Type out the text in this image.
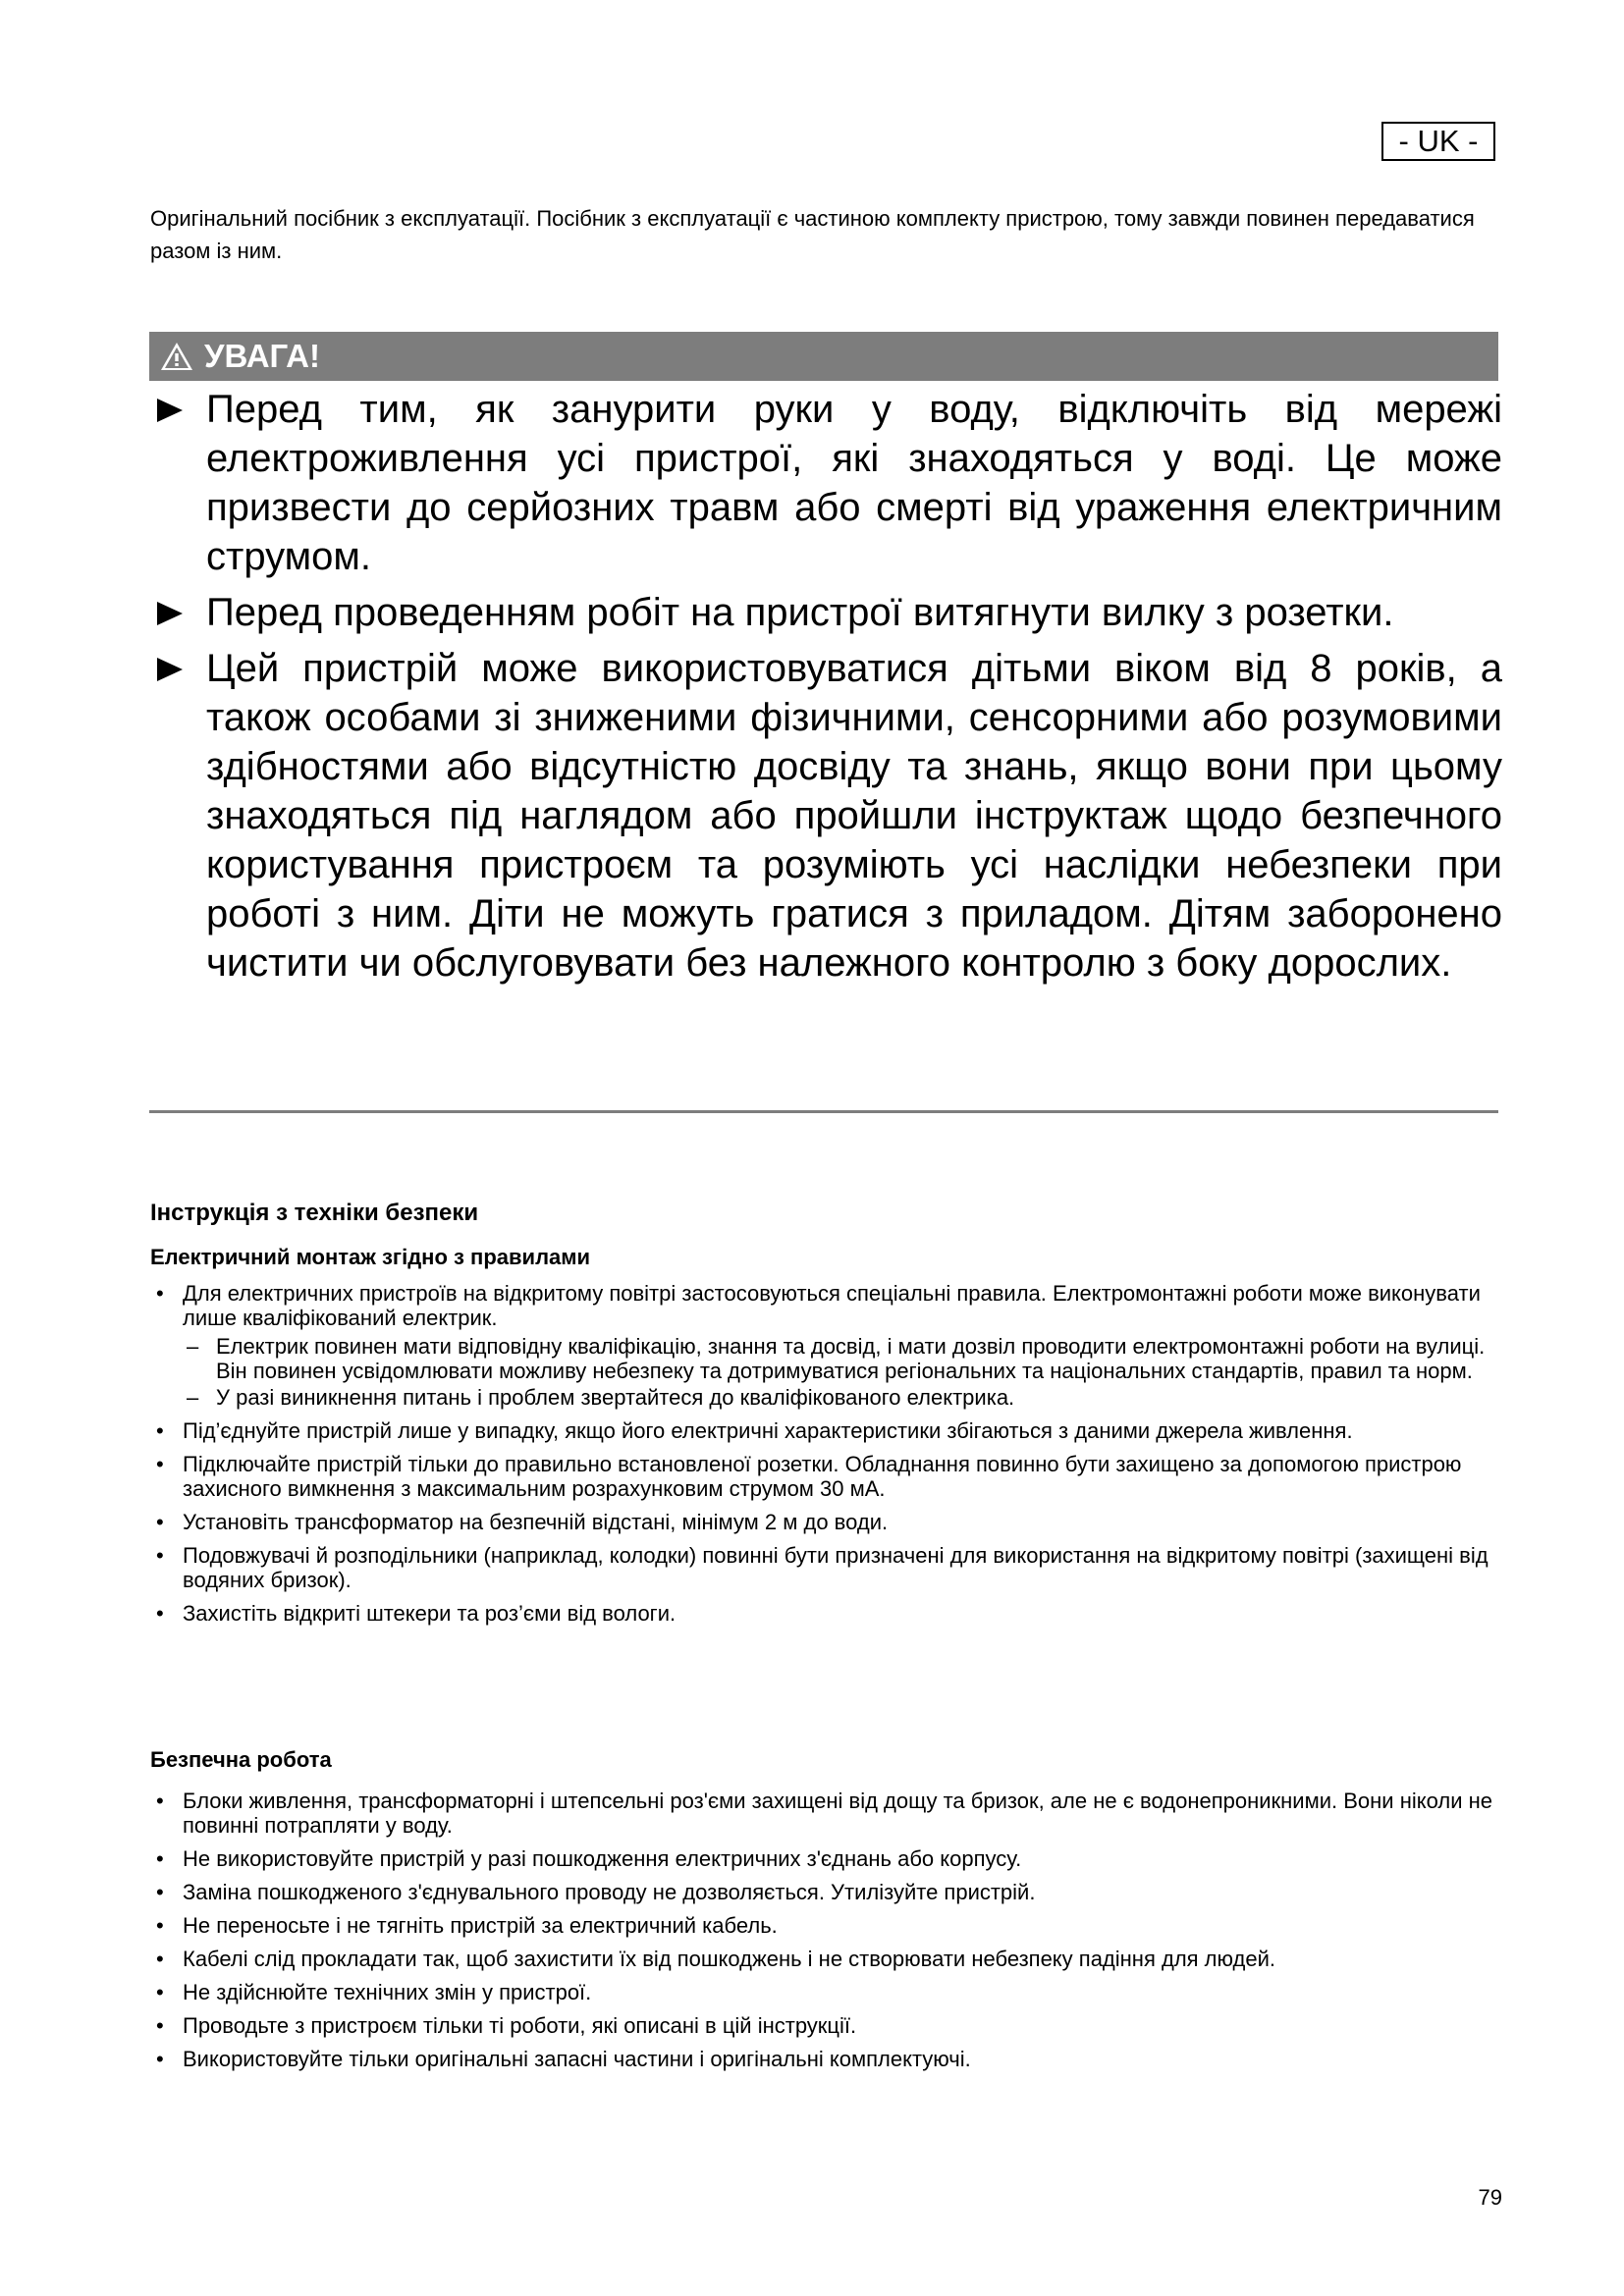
- UK -

Оригінальний посібник з експлуатації. Посібник з експлуатації є частиною комплекту пристрою, тому завжди повинен передаватися разом із ним.

УВАГА!
Перед тим, як занурити руки у воду, відключіть від мережі електроживлення усі пристрої, які знаходяться у воді. Це може призвести до серйозних травм або смерті від ураження електричним струмом.
Перед проведенням робіт на пристрої витягнути вилку з розетки.
Цей пристрій може використовуватися дітьми віком від 8 років, а також особами зі зниженими фізичними, сенсорними або розумовими здібностями або відсутністю досвіду та знань, якщо вони при цьому знаходяться під наглядом або пройшли інструктаж щодо безпечного користування пристроєм та розуміють усі наслідки небезпеки при роботі з ним. Діти не можуть гратися з приладом. Дітям заборонено чистити чи обслуговувати без належного контролю з боку дорослих.
Інструкція з техніки безпеки
Електричний монтаж згідно з правилами
• Для електричних пристроїв на відкритому повітрі застосовуються спеціальні правила. Електромонтажні роботи може виконувати лише кваліфікований електрик.
– Електрик повинен мати відповідну кваліфікацію, знання та досвід, і мати дозвіл проводити електромонтажні роботи на вулиці. Він повинен усвідомлювати можливу небезпеку та дотримуватися регіональних та національних стандартів, правил та норм.
– У разі виникнення питань і проблем звертайтеся до кваліфікованого електрика.
• Під’єднуйте пристрій лише у випадку, якщо його електричні характеристики збігаються з даними джерела живлення.
• Підключайте пристрій тільки до правильно встановленої розетки. Обладнання повинно бути захищено за допомогою пристрою захисного вимкнення з максимальним розрахунковим струмом 30 мА.
• Установіть трансформатор на безпечній відстані, мінімум 2 м до води.
• Подовжувачі й розподільники (наприклад, колодки) повинні бути призначені для використання на відкритому повітрі (захищені від водяних бризок).
• Захистіть відкриті штекери та роз’єми від вологи.
Безпечна робота
• Блоки живлення, трансформаторні і штепсельні роз'єми захищені від дощу та бризок, але не є водонепроникними. Вони ніколи не повинні потрапляти у воду.
• Не використовуйте пристрій у разі пошкодження електричних з'єднань або корпусу.
• Заміна пошкодженого з'єднувального проводу не дозволяється. Утилізуйте пристрій.
• Не переносьте і не тягніть пристрій за електричний кабель.
• Кабелі слід прокладати так, щоб захистити їх від пошкоджень і не створювати небезпеку падіння для людей.
• Не здійснюйте технічних змін у пристрої.
• Проводьте з пристроєм тільки ті роботи, які описані в цій інструкції.
• Використовуйте тільки оригінальні запасні частини і оригінальні комплектуючі.
79
